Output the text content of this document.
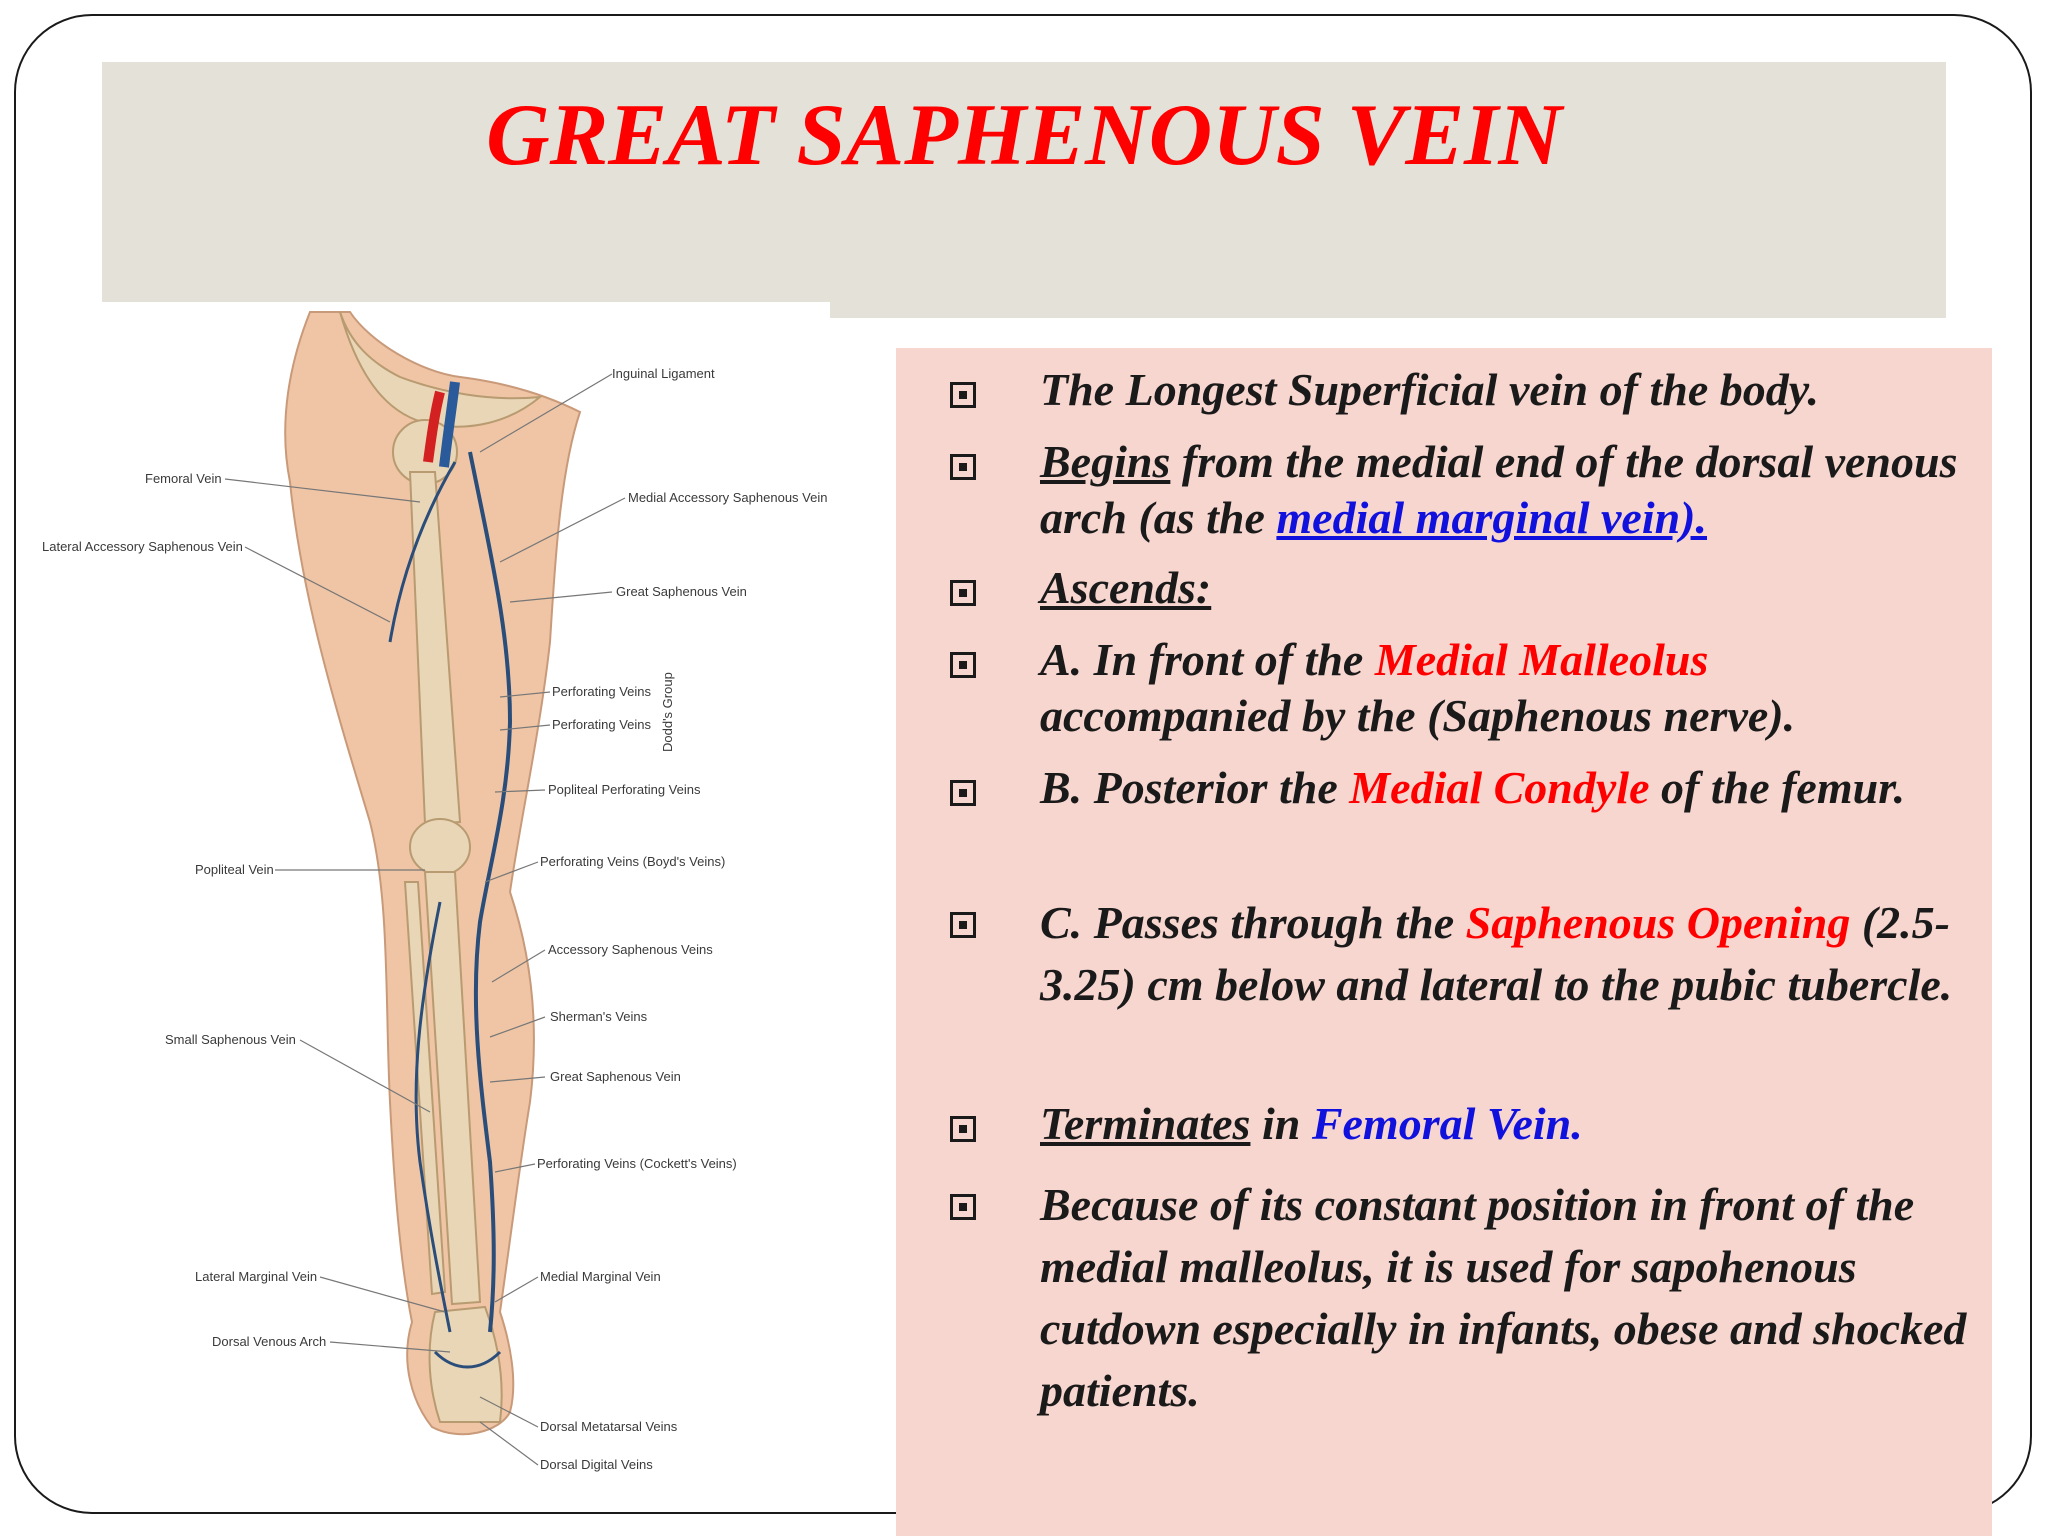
GREAT SAPHENOUS VEIN
Inguinal Ligament
Femoral Vein
Medial Accessory Saphenous Vein
Lateral Accessory Saphenous Vein
Great Saphenous Vein
Perforating Veins
Perforating Veins Dodd's Group
Popliteal Perforating Veins
Popliteal Vein
Perforating Veins (Boyd's Veins)
Accessory Saphenous Veins
Sherman's Veins
Small Saphenous Vein
Great Saphenous Vein
Perforating Veins (Cockett's Veins)
Lateral Marginal Vein	Medial Marginal Vein
Dorsal Venous Arch
Dorsal Metatarsal Veins
Dorsal Digital Veins
The Longest Superficial vein of the body.
Begins from the medial end of the dorsal venous arch (as the medial marginal vein).
Ascends:
A. In front of the Medial Malleolus accompanied by the (Saphenous nerve).
B. Posterior the Medial Condyle of the femur.
C. Passes through the Saphenous Opening (2.5-3.25) cm below and lateral to the pubic tubercle.
Terminates in Femoral Vein.
Because of its constant position in front of the medial malleolus, it is used for sapohenous cutdown especially in infants, obese and shocked patients.
